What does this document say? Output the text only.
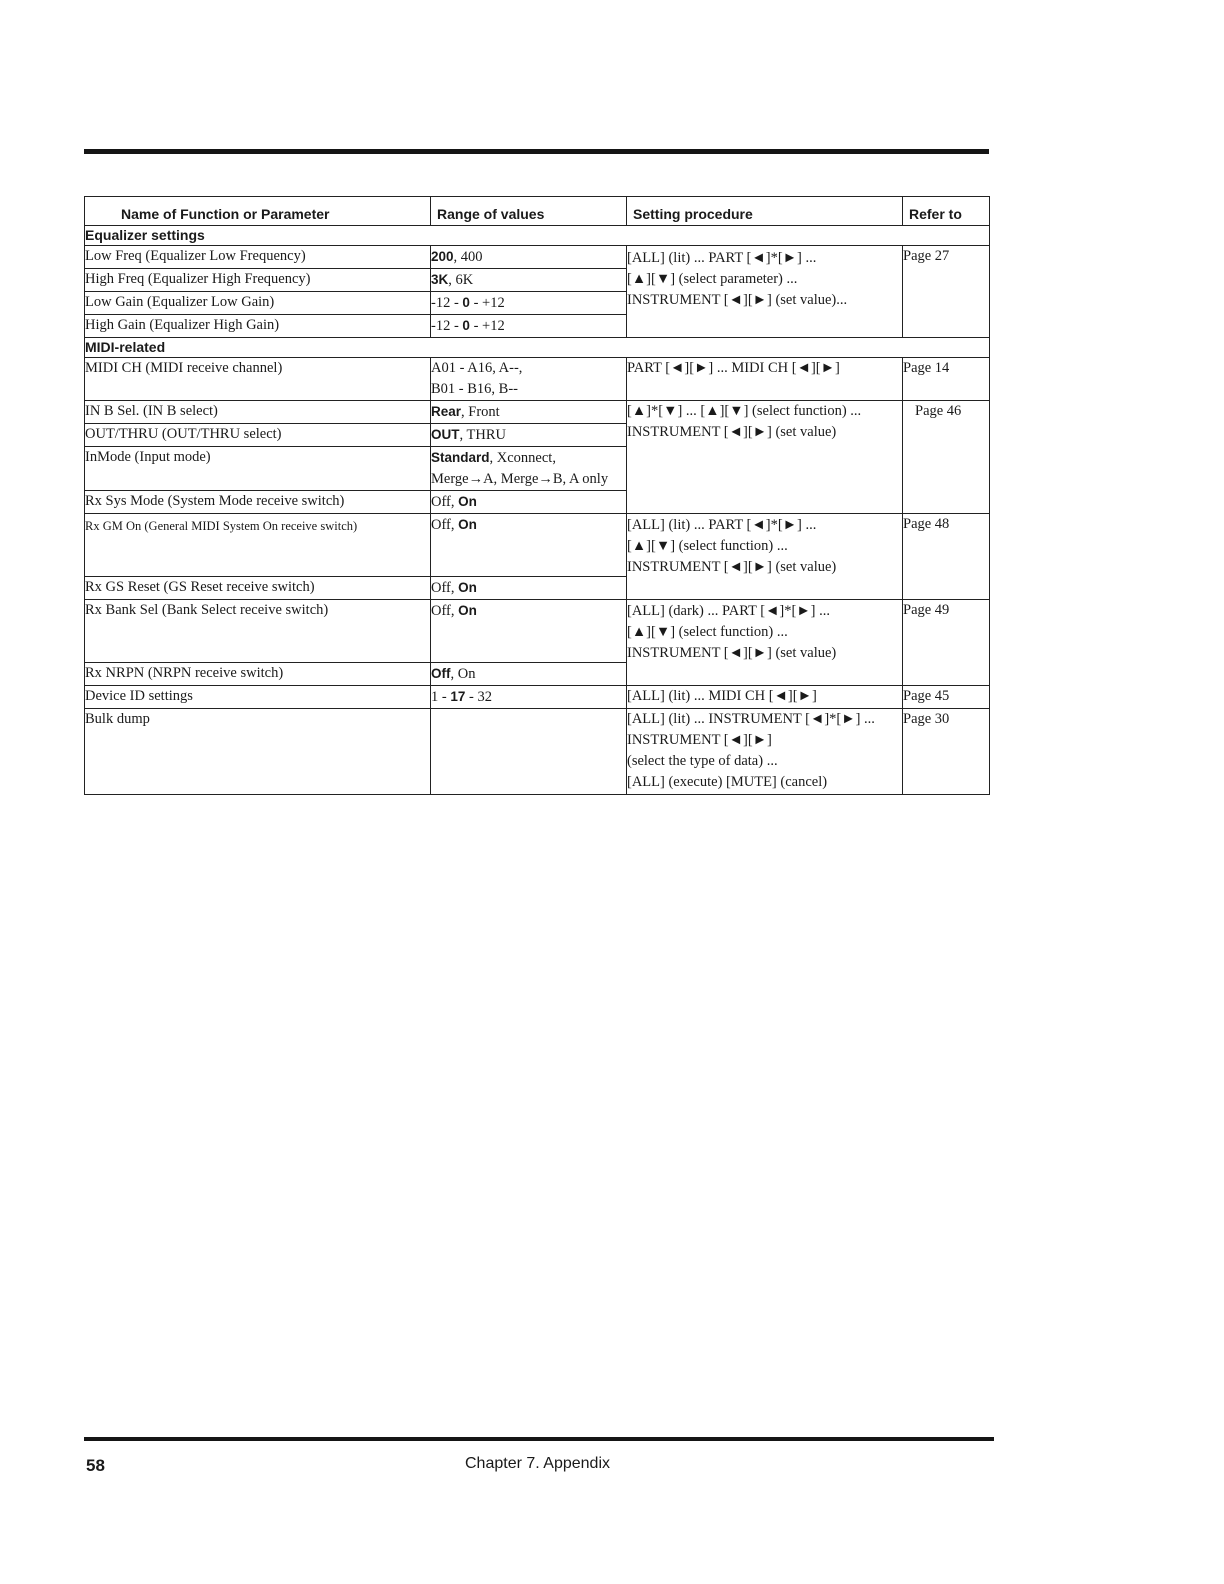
Name of Function or Parameter	Range of values	Setting procedure	Refer to
Equalizer settings			
Low Freq (Equalizer Low Frequency)	200, 400	[ALL] (lit) ... PART [◄]*[►] ...
[▲][▼] (select parameter) ...
INSTRUMENT [◄][►] (set value)...	Page 27
High Freq (Equalizer High Frequency)	3K, 6K		
Low Gain (Equalizer Low Gain)	-12 - 0 - +12		
High Gain (Equalizer High Gain)	-12 - 0 - +12		
MIDI-related			
MIDI CH (MIDI receive channel)	A01 - A16, A--,
B01 - B16, B--	PART [◄][►] ... MIDI CH [◄][►]	Page 14
IN B Sel. (IN B select)	Rear, Front	[▲]*[▼] ... [▲][▼] (select function) ...
INSTRUMENT [◄][►] (set value)	Page 46
OUT/THRU (OUT/THRU select)	OUT, THRU		
InMode (Input mode)	Standard, Xconnect,
Merge→A, Merge→B, A only		

Rx Sys Mode (System Mode receive switch)	Off, On		
Rx GM On (General MIDI System On receive switch)	Off, On	[ALL] (lit) ... PART [◄]*[►] ...
[▲][▼] (select function) ...
INSTRUMENT [◄][►] (set value)	Page 48
Rx GS Reset (GS Reset receive switch)	Off, On		
Rx Bank Sel (Bank Select receive switch)	Off, On	[ALL] (dark) ... PART [◄]*[►] ...
[▲][▼] (select function) ...
INSTRUMENT [◄][►] (set value)	Page 49
Rx NRPN (NRPN receive switch)	Off, On		
Device ID settings	1 - 17 - 32	[ALL] (lit) ... MIDI CH [◄][►]	Page 45
Bulk dump		[ALL] (lit) ... INSTRUMENT [◄]*[►] ...
INSTRUMENT [◄][►]
(select the type of data) ...
[ALL] (execute) [MUTE] (cancel)	Page 30
58	Chapter 7. Appendix
